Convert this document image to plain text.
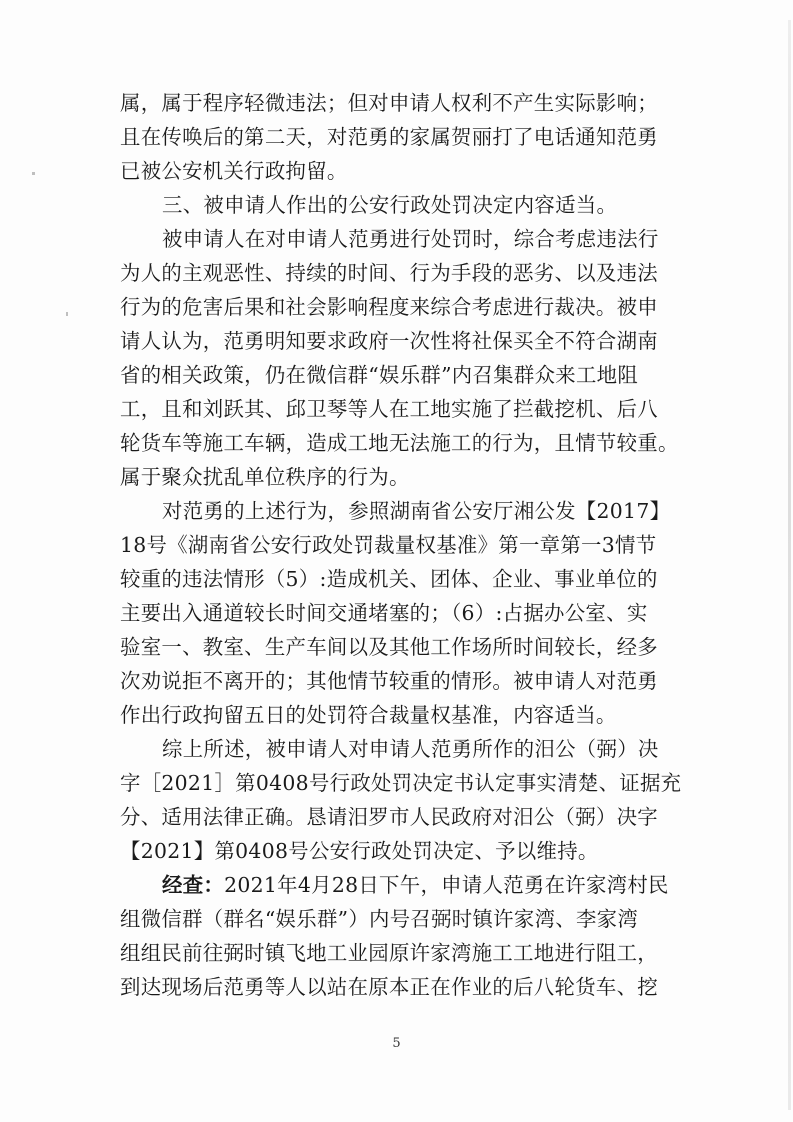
属，属于程序轻微违法；但对申请人权利不产生实际影响；
且在传唤后的第二天，对范勇的家属贺丽打了电话通知范勇
已被公安机关行政拘留。
三、被申请人作出的公安行政处罚决定内容适当。
被申请人在对申请人范勇进行处罚时，综合考虑违法行
为人的主观恶性、持续的时间、行为手段的恶劣、以及违法
行为的危害后果和社会影响程度来综合考虑进行裁决。被申
请人认为，范勇明知要求政府一次性将社保买全不符合湖南
省的相关政策，仍在微信群“娱乐群”内召集群众来工地阻
工，且和刘跃其、邱卫琴等人在工地实施了拦截挖机、后八
轮货车等施工车辆，造成工地无法施工的行为，且情节较重。
属于聚众扰乱单位秩序的行为。
对范勇的上述行为，参照湖南省公安厅湘公发【2017】
18号《湖南省公安行政处罚裁量权基准》第一章第一3情节
较重的违法情形（5）:造成机关、团体、企业、事业单位的
主要出入通道较长时间交通堵塞的；（6）:占据办公室、实
验室一、教室、生产车间以及其他工作场所时间较长，经多
次劝说拒不离开的；其他情节较重的情形。被申请人对范勇
作出行政拘留五日的处罚符合裁量权基准，内容适当。
综上所述，被申请人对申请人范勇所作的汨公（弼）决
字［2021］第0408号行政处罚决定书认定事实清楚、证据充
分、适用法律正确。恳请汨罗市人民政府对汨公（弼）决字
【2021】第0408号公安行政处罚决定、予以维持。
经查：2021年4月28日下午，申请人范勇在许家湾村民
组微信群（群名“娱乐群”）内号召弼时镇许家湾、李家湾
组组民前往弼时镇飞地工业园原许家湾施工工地进行阻工，
到达现场后范勇等人以站在原本正在作业的后八轮货车、挖
5
